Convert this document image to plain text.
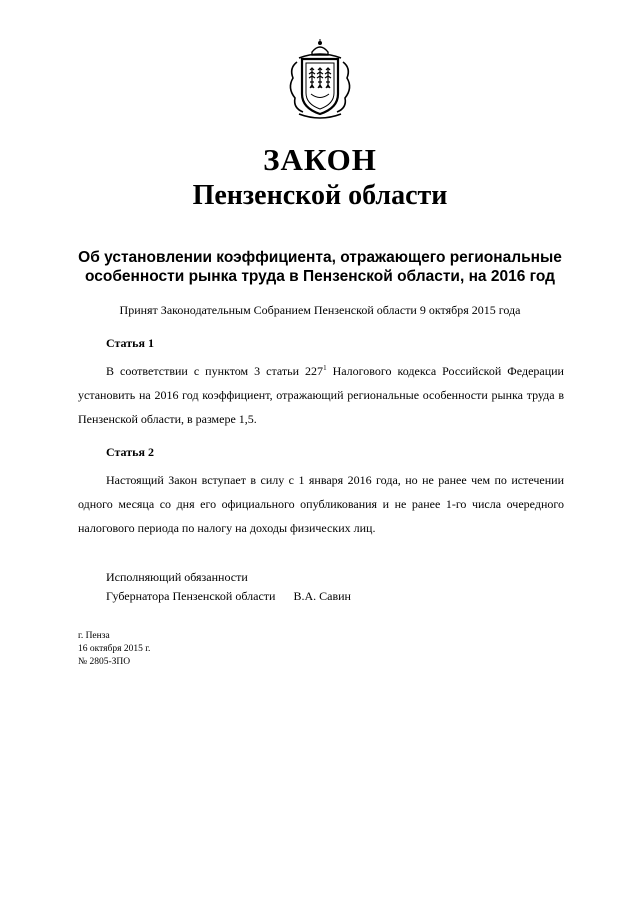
ЗАКОН
Пензенской области
Об установлении коэффициента, отражающего региональные
особенности рынка труда в Пензенской области, на 2016 год
Принят Законодательным Собранием Пензенской области 9 октября 2015 года
Статья 1
В соответствии с пунктом 3 статьи $227^1$ Налогового кодекса Российской Федерации установить на 2016 год коэффициент, отражающий региональные особенности рынка труда в Пензенской области, в размере 1,5.
Статья 2
Настоящий Закон вступает в силу с 1 января 2016 года, но не ранее чем по истечении одного месяца со дня его официального опубликования и не ранее 1-го числа очередного налогового периода по налогу на доходы физических лиц.
Исполняющий обязанности
Губернатора Пензенской области В.А. Савин
г. Пенза
16 октября 2015 г.
№ 2805-ЗПО
